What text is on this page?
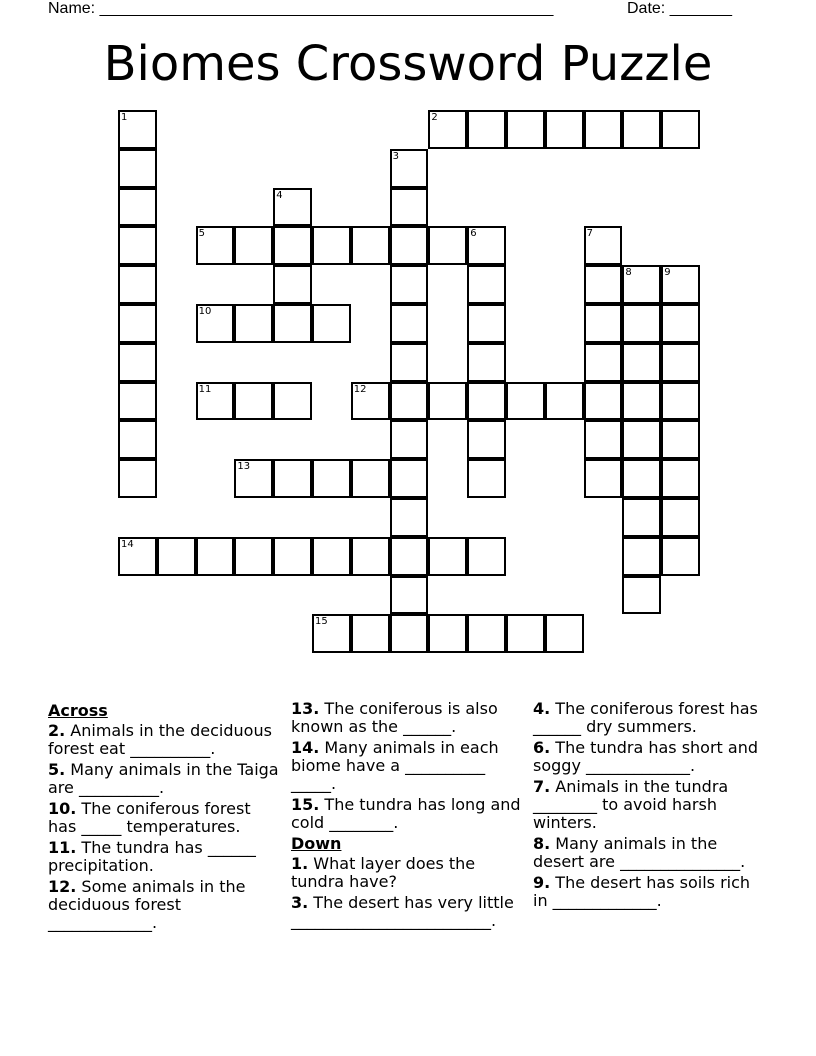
Name: ___________________________________________________	Date: _______
Biomes Crossword Puzzle
2
5	6
10
11	12
13
14
15
1
3
4
7
8	9
Across
2. Animals in the deciduous forest eat __________.
5. Many animals in the Taiga are __________.
10. The coniferous forest has _____ temperatures.
11. The tundra has ______ precipitation.
12. Some animals in the deciduous forest _____________.
13. The coniferous is also known as the ______.
14. Many animals in each biome have a __________ _____.
15. The tundra has long and cold ________.
Down
1. What layer does the tundra have?
3. The desert has very little _________________________.
4. The coniferous forest has ______ dry summers.
6. The tundra has short and soggy _____________.
7. Animals in the tundra ________ to avoid harsh winters.
8. Many animals in the desert are _______________.
9. The desert has soils rich in _____________.
